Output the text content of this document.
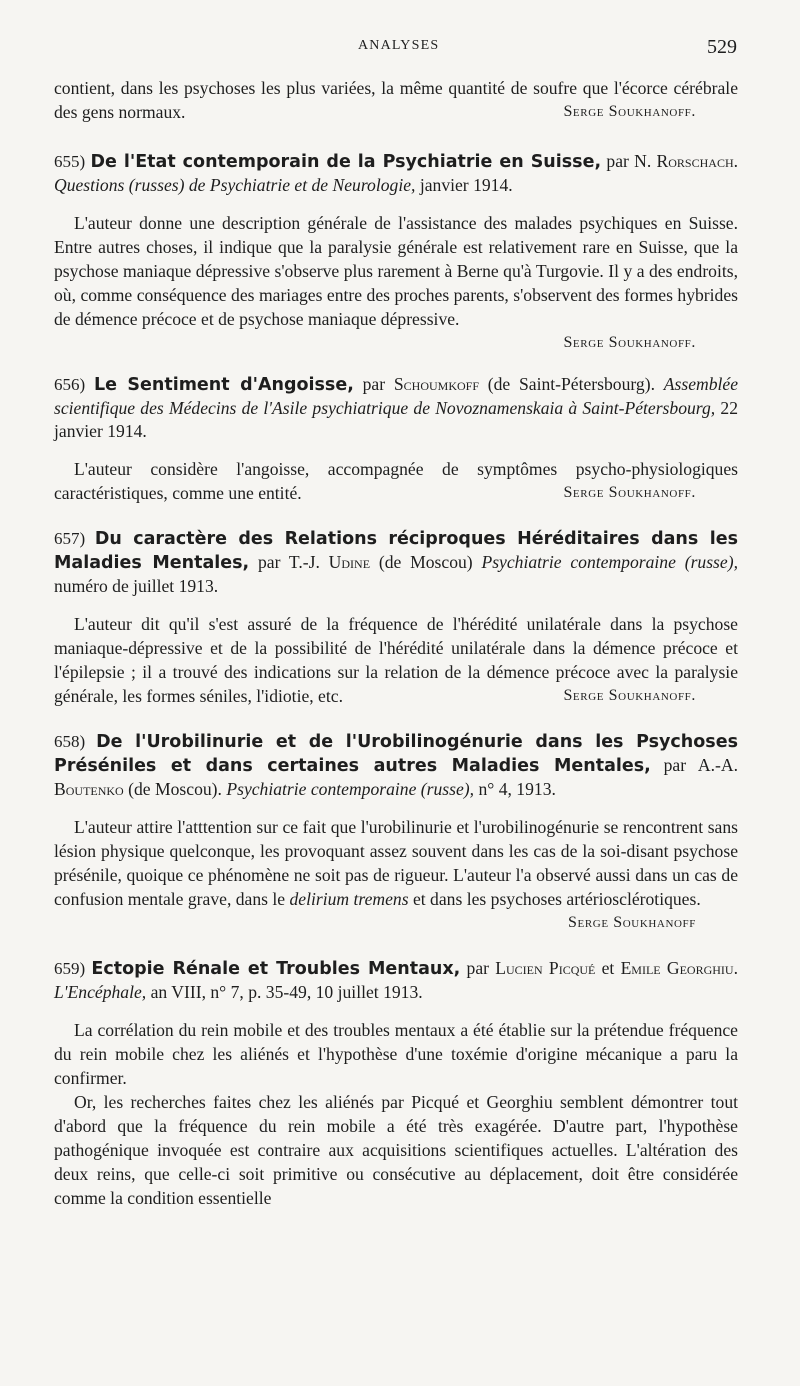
ANALYSES	529

contient, dans les psychoses les plus variées, la même quantité de soufre que l'écorce cérébrale des gens normaux.	Serge Soukhanoff.

655) De l'Etat contemporain de la Psychiatrie en Suisse, par N. Rorschach. Questions (russes) de Psychiatrie et de Neurologie, janvier 1914.

L'auteur donne une description générale de l'assistance des malades psychiques en Suisse. Entre autres choses, il indique que la paralysie générale est relativement rare en Suisse, que la psychose maniaque dépressive s'observe plus rarement à Berne qu'à Turgovie. Il y a des endroits, où, comme conséquence des mariages entre des proches parents, s'observent des formes hybrides de démence précoce et de psychose maniaque dépressive.

Serge Soukhanoff.

656) Le Sentiment d'Angoisse, par Schoumkoff (de Saint-Pétersbourg). Assemblée scientifique des Médecins de l'Asile psychiatrique de Novoznamenskaia à Saint-Pétersbourg, 22 janvier 1914.

L'auteur considère l'angoisse, accompagnée de symptômes psycho-physiologiques caractéristiques, comme une entité.	Serge Soukhanoff.

657) Du caractère des Relations réciproques Héréditaires dans les Maladies Mentales, par T.-J. Udine (de Moscou) Psychiatrie contemporaine (russe), numéro de juillet 1913.

L'auteur dit qu'il s'est assuré de la fréquence de l'hérédité unilatérale dans la psychose maniaque-dépressive et de la possibilité de l'hérédité unilatérale dans la démence précoce et l'épilepsie ; il a trouvé des indications sur la relation de la démence précoce avec la paralysie générale, les formes séniles, l'idiotie, etc.	Serge Soukhanoff.

658) De l'Urobilinurie et de l'Urobilinogénurie dans les Psychoses Préséniles et dans certaines autres Maladies Mentales, par A.-A. Boutenko (de Moscou). Psychiatrie contemporaine (russe), n° 4, 1913.

L'auteur attire l'atttention sur ce fait que l'urobilinurie et l'urobilinogénurie se rencontrent sans lésion physique quelconque, les provoquant assez souvent dans les cas de la soi-disant psychose présénile, quoique ce phénomène ne soit pas de rigueur. L'auteur l'a observé aussi dans un cas de confusion mentale grave, dans le delirium tremens et dans les psychoses artériosclérotiques.

Serge Soukhanoff

659) Ectopie Rénale et Troubles Mentaux, par Lucien Picqué et Emile Georghiu. L'Encéphale, an VIII, n° 7, p. 35-49, 10 juillet 1913.

La corrélation du rein mobile et des troubles mentaux a été établie sur la prétendue fréquence du rein mobile chez les aliénés et l'hypothèse d'une toxémie d'origine mécanique a paru la confirmer.

Or, les recherches faites chez les aliénés par Picqué et Georghiu semblent démontrer tout d'abord que la fréquence du rein mobile a été très exagérée. D'autre part, l'hypothèse pathogénique invoquée est contraire aux acquisitions scientifiques actuelles. L'altération des deux reins, que celle-ci soit primitive ou consécutive au déplacement, doit être considérée comme la condition essentielle
